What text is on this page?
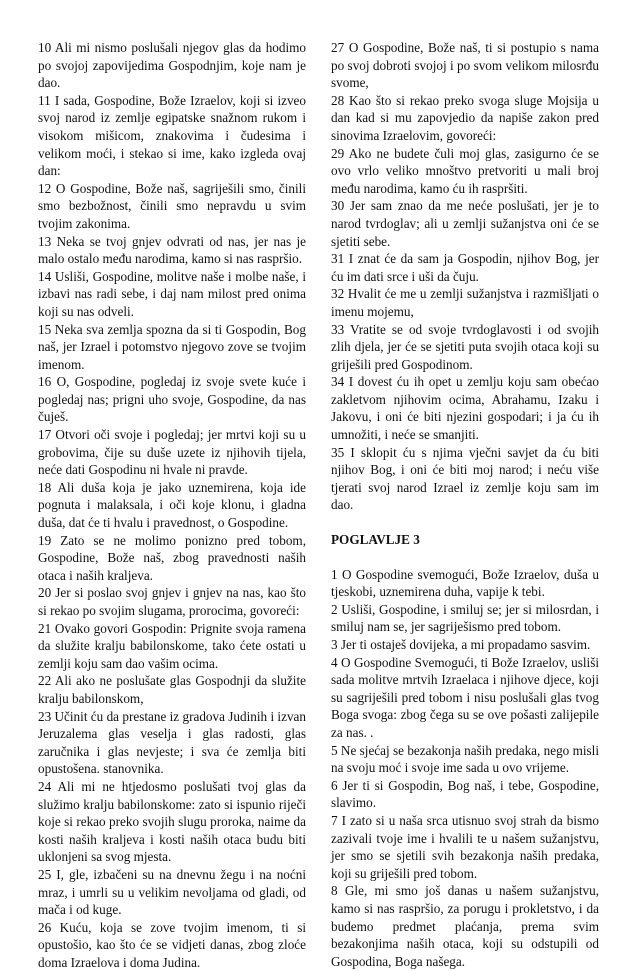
10 Ali mi nismo poslušali njegov glas da hodimo po svojoj zapovijedima Gospodnjim, koje nam je dao.

11 I sada, Gospodine, Bože Izraelov, koji si izveo svoj narod iz zemlje egipatske snažnom rukom i visokom mišicom, znakovima i čudesima i velikom moći, i stekao si ime, kako izgleda ovaj dan:

12 O Gospodine, Bože naš, sagriješili smo, činili smo bezbožnost, činili smo nepravdu u svim tvojim zakonima.

13 Neka se tvoj gnjev odvrati od nas, jer nas je malo ostalo među narodima, kamo si nas raspršio.

14 Usliši, Gospodine, molitve naše i molbe naše, i izbavi nas radi sebe, i daj nam milost pred onima koji su nas odveli.

15 Neka sva zemlja spozna da si ti Gospodin, Bog naš, jer Izrael i potomstvo njegovo zove se tvojim imenom.

16 O, Gospodine, pogledaj iz svoje svete kuće i pogledaj nas; prigni uho svoje, Gospodine, da nas čuješ.

17 Otvori oči svoje i pogledaj; jer mrtvi koji su u grobovima, čije su duše uzete iz njihovih tijela, neće dati Gospodinu ni hvale ni pravde.

18 Ali duša koja je jako uznemirena, koja ide pognuta i malaksala, i oči koje klonu, i gladna duša, dat će ti hvalu i pravednost, o Gospodine.

19 Zato se ne molimo ponizno pred tobom, Gospodine, Bože naš, zbog pravednosti naših otaca i naših kraljeva.

20 Jer si poslao svoj gnjev i gnjev na nas, kao što si rekao po svojim slugama, prorocima, govoreći:

21 Ovako govori Gospodin: Prignite svoja ramena da služite kralju babilonskome, tako ćete ostati u zemlji koju sam dao vašim ocima.

22 Ali ako ne poslušate glas Gospodnji da služite kralju babilonskom,

23 Učinit ću da prestane iz gradova Judinih i izvan Jeruzalema glas veselja i glas radosti, glas zaručnika i glas nevjeste; i sva će zemlja biti opustošena. stanovnika.

24 Ali mi ne htjedosmo poslušati tvoj glas da služimo kralju babilonskome: zato si ispunio riječi koje si rekao preko svojih slugu proroka, naime da kosti naših kraljeva i kosti naših otaca budu biti uklonjeni sa svog mjesta.

25 I, gle, izbačeni su na dnevnu žegu i na noćni mraz, i umrli su u velikim nevoljama od gladi, od mača i od kuge.

26 Kuću, koja se zove tvojim imenom, ti si opustošio, kao što će se vidjeti danas, zbog zloće doma Izraelova i doma Judina.

27 O Gospodine, Bože naš, ti si postupio s nama po svoj dobroti svojoj i po svom velikom milosrđu svome,

28 Kao što si rekao preko svoga sluge Mojsija u dan kad si mu zapovjedio da napiše zakon pred sinovima Izraelovim, govoreći:

29 Ako ne budete čuli moj glas, zasigurno će se ovo vrlo veliko mnoštvo pretvoriti u mali broj među narodima, kamo ću ih raspršiti.

30 Jer sam znao da me neće poslušati, jer je to narod tvrdoglav; ali u zemlji sužanjstva oni će se sjetiti sebe.

31 I znat će da sam ja Gospodin, njihov Bog, jer ću im dati srce i uši da čuju.

32 Hvalit će me u zemlji sužanjstva i razmišljati o imenu mojemu,

33 Vratite se od svoje tvrdoglavosti i od svojih zlih djela, jer će se sjetiti puta svojih otaca koji su griješili pred Gospodinom.

34 I dovest ću ih opet u zemlju koju sam obećao zakletvom njihovim ocima, Abrahamu, Izaku i Jakovu, i oni će biti njezini gospodari; i ja ću ih umnožiti, i neće se smanjiti.

35 I sklopit ću s njima vječni savjet da ću biti njihov Bog, i oni će biti moj narod; i neću više tjerati svoj narod Izrael iz zemlje koju sam im dao.

POGLAVLJE 3

1 O Gospodine svemogući, Bože Izraelov, duša u tjeskobi, uznemirena duha, vapije k tebi.

2 Usliši, Gospodine, i smiluj se; jer si milosrdan, i smiluj nam se, jer sagriješismo pred tobom.

3 Jer ti ostaješ dovijeka, a mi propadamo sasvim.

4 O Gospodine Svemogući, ti Bože Izraelov, usliši sada molitve mrtvih Izraelaca i njihove djece, koji su sagriješili pred tobom i nisu poslušali glas tvog Boga svoga: zbog čega su se ove pošasti zalijepile za nas. .

5 Ne sjećaj se bezakonja naših predaka, nego misli na svoju moć i svoje ime sada u ovo vrijeme.

6 Jer ti si Gospodin, Bog naš, i tebe, Gospodine, slavimo.

7 I zato si u naša srca utisnuo svoj strah da bismo zazivali tvoje ime i hvalili te u našem sužanjstvu, jer smo se sjetili svih bezakonja naših predaka, koji su griješili pred tobom.

8 Gle, mi smo još danas u našem sužanjstvu, kamo si nas raspršio, za porugu i prokletstvo, i da budemo predmet plaćanja, prema svim bezakonjima naših otaca, koji su odstupili od Gospodina, Boga našega.
